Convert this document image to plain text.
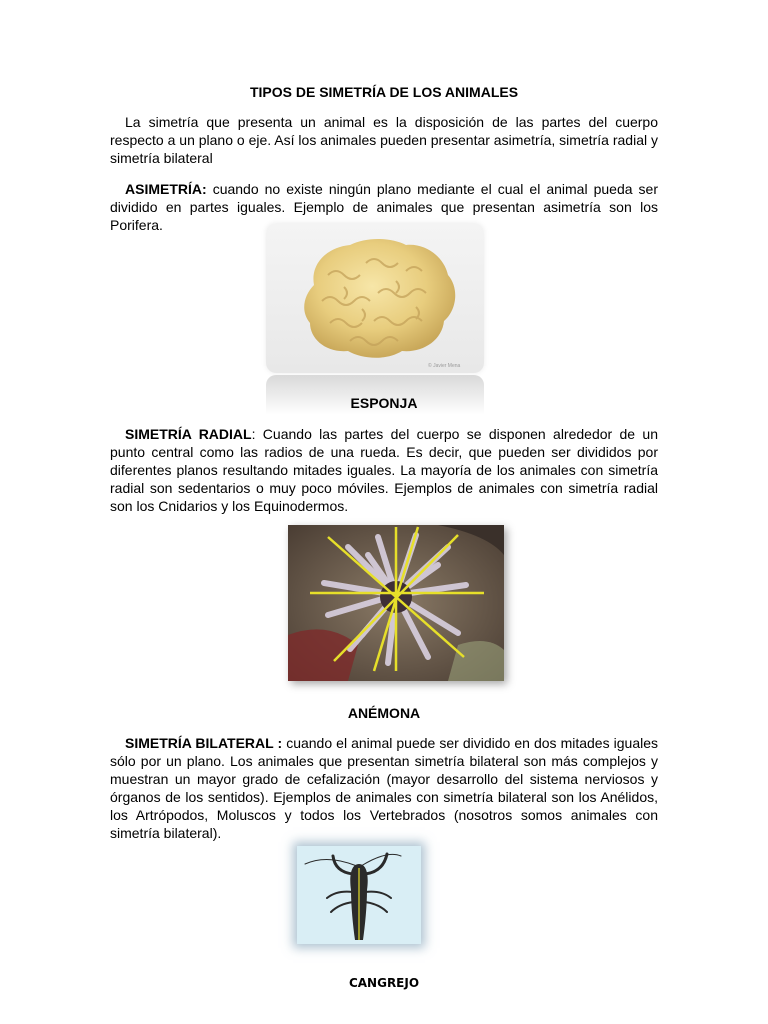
TIPOS DE SIMETRÍA DE LOS ANIMALES

La simetría que presenta un animal es la disposición de las partes del cuerpo respecto a un plano o eje. Así los animales pueden presentar asimetría, simetría radial y simetría bilateral

ASIMETRÍA: cuando no existe ningún plano mediante el cual el animal pueda ser dividido en partes iguales. Ejemplo de animales que presentan asimetría son los Porifera.

© Javier Mena
ESPONJA

SIMETRÍA RADIAL: Cuando las partes del cuerpo se disponen alrededor de un punto central como las radios de una rueda. Es decir, que pueden ser divididos por diferentes planos resultando mitades iguales. La mayoría de los animales con simetría radial son sedentarios o muy poco móviles. Ejemplos de animales con simetría radial son los Cnidarios y los Equinodermos.

ANÉMONA

SIMETRÍA BILATERAL : cuando el animal puede ser dividido en dos mitades iguales sólo por un plano. Los animales que presentan simetría bilateral son más complejos y muestran un mayor grado de cefalización (mayor desarrollo del sistema nerviosos y órganos de los sentidos). Ejemplos de animales con simetría bilateral son los Anélidos, los Artrópodos, Moluscos y todos los Vertebrados (nosotros somos animales con simetría bilateral).

CANGREJO
